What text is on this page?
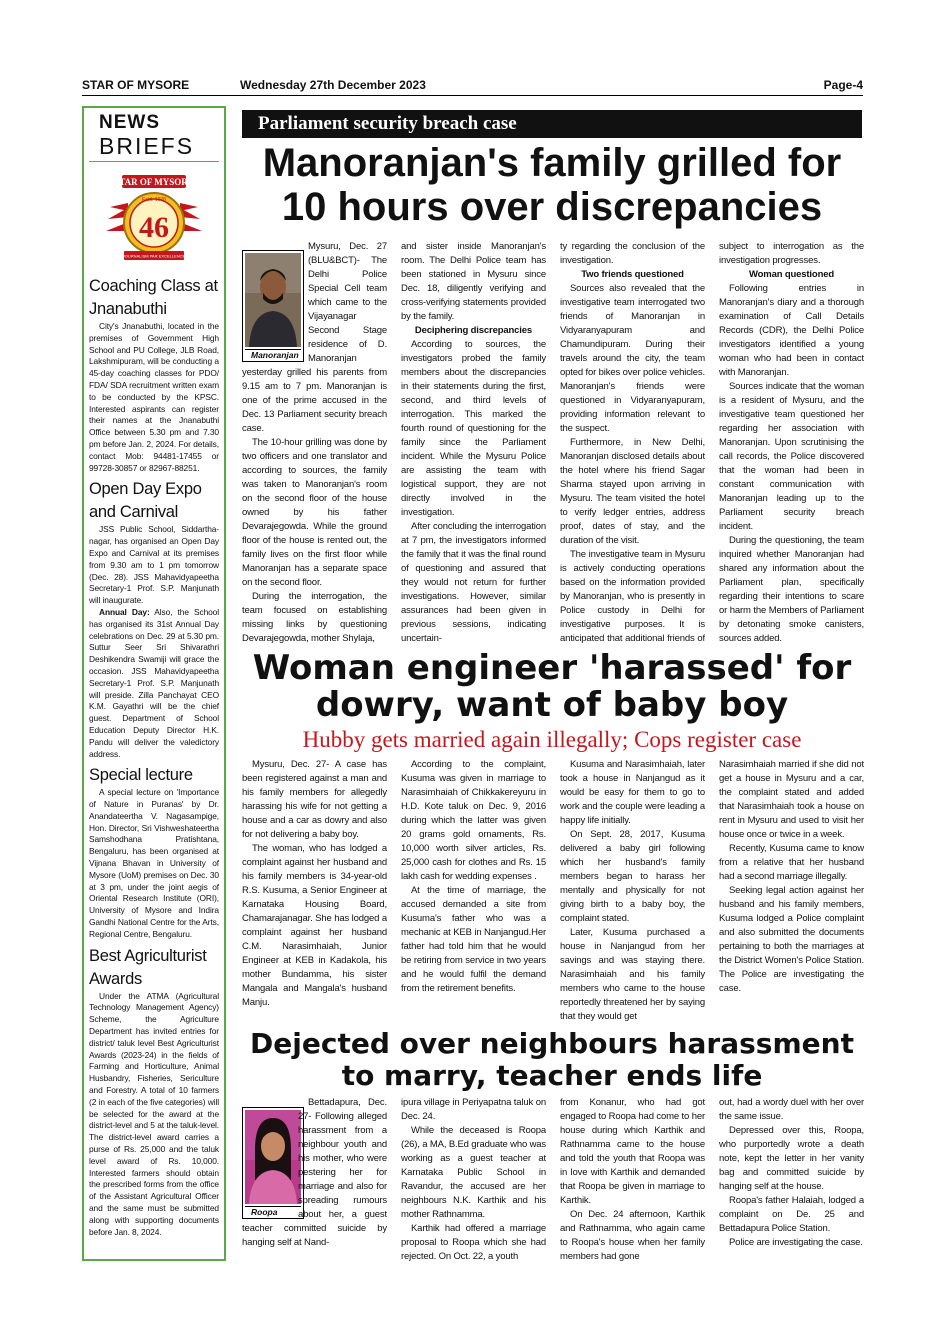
STAR OF MYSORE	Wednesday 27th December 2023	Page-4
NEWS
BRIEFS
STAR OF MYSORE
Estd. 1978
46
JOURNALISM PAR EXCELLENCE
Coaching Class at Jnanabuthi

City's Jnanabuthi, located in the premises of Government High School and PU College, JLB Road, Lakshmipuram, will be conducting a 45-day coaching classes for PDO/ FDA/ SDA recruitment written exam to be conducted by the KPSC. Interested aspirants can register their names at the Jnanabuthi Office between 5.30 pm and 7.30 pm before Jan. 2, 2024. For details, contact Mob: 94481-17455 or 99728-30857 or 82967-88251.

Open Day Expo and Carnival

JSS Public School, Siddartha-nagar, has organised an Open Day Expo and Carnival at its premises from 9.30 am to 1 pm tomorrow (Dec. 28). JSS Mahavidyapeetha Secretary-1 Prof. S.P. Manjunath will inaugurate.

Annual Day: Also, the School has organised its 31st Annual Day celebrations on Dec. 29 at 5.30 pm. Suttur Seer Sri Shivarathri Deshikendra Swamiji will grace the occasion. JSS Mahavidyapeetha Secretary-1 Prof. S.P. Manjunath will preside. Zilla Panchayat CEO K.M. Gayathri will be the chief guest. Department of School Education Deputy Director H.K. Pandu will deliver the valedictory address.

Special lecture

A special lecture on 'Importance of Nature in Puranas' by Dr. Anandateertha V. Nagasampige, Hon. Director, Sri Vishweshateertha Samshodhana Pratishtana, Bengaluru, has been organised at Vijnana Bhavan in University of Mysore (UoM) premises on Dec. 30 at 3 pm, under the joint aegis of Oriental Research Institute (ORI), University of Mysore and Indira Gandhi National Centre for the Arts, Regional Centre, Bengaluru.

Best Agriculturist Awards

Under the ATMA (Agricultural Technology Management Agency) Scheme, the Agriculture Department has invited entries for district/ taluk level Best Agriculturist Awards (2023-24) in the fields of Farming and Horticulture, Animal Husbandry, Fisheries, Sericulture and Forestry. A total of 10 farmers (2 in each of the five categories) will be selected for the award at the district-level and 5 at the taluk-level. The district-level award carries a purse of Rs. 25,000 and the taluk level award of Rs. 10,000. Interested farmers should obtain the prescribed forms from the office of the Assistant Agricultural Officer and the same must be submitted along with supporting documents before Jan. 8, 2024.

Parliament security breach case
Manoranjan's family grilled for
10 hours over discrepancies
Manoranjan

Mysuru, Dec. 27 (BLU&BCT)- The Delhi Police Special Cell team which came to the Vijayanagar Second Stage residence of D. Manoranjan yesterday grilled his parents from 9.15 am to 7 pm. Manoranjan is one of the prime accused in the Dec. 13 Parliament security breach case.

The 10-hour grilling was done by two officers and one translator and according to sources, the family was taken to Manoranjan's room on the second floor of the house owned by his father Devarajegowda. While the ground floor of the house is rented out, the family lives on the first floor while Manoranjan has a separate space on the second floor.

During the interrogation, the team focused on establishing missing links by questioning Devarajegowda, mother Shylaja,

and sister inside Manoranjan's room. The Delhi Police team has been stationed in Mysuru since Dec. 18, diligently verifying and cross-verifying statements provided by the family.

Deciphering discrepancies

According to sources, the investigators probed the family members about the discrepancies in their statements during the first, second, and third levels of interrogation. This marked the fourth round of questioning for the family since the Parliament incident. While the Mysuru Police are assisting the team with logistical support, they are not directly involved in the investigation.

After concluding the interrogation at 7 pm, the investigators informed the family that it was the final round of questioning and assured that they would not return for further investigations. However, similar assurances had been given in previous sessions, indicating uncertain-

ty regarding the conclusion of the investigation.

Two friends questioned

Sources also revealed that the investigative team interrogated two friends of Manoranjan in Vidyaranyapuram and Chamundipuram. During their travels around the city, the team opted for bikes over police vehicles. Manoranjan's friends were questioned in Vidyaranyapuram, providing information relevant to the suspect.

Furthermore, in New Delhi, Manoranjan disclosed details about the hotel where his friend Sagar Sharma stayed upon arriving in Mysuru. The team visited the hotel to verify ledger entries, address proof, dates of stay, and the duration of the visit.

The investigative team in Mysuru is actively conducting operations based on the information provided by Manoranjan, who is presently in Police custody in Delhi for investigative purposes. It is anticipated that additional friends of

subject to interrogation as the investigation progresses.

Woman questioned

Following entries in Manoranjan's diary and a thorough examination of Call Details Records (CDR), the Delhi Police investigators identified a young woman who had been in contact with Manoranjan.

Sources indicate that the woman is a resident of Mysuru, and the investigative team questioned her regarding her association with Manoranjan. Upon scrutinising the call records, the Police discovered that the woman had been in constant communication with Manoranjan leading up to the Parliament security breach incident.

During the questioning, the team inquired whether Manoranjan had shared any information about the Parliament plan, specifically regarding their intentions to scare or harm the Members of Parliament by detonating smoke canisters, sources added.

Woman engineer 'harassed' for
dowry, want of baby boy
Hubby gets married again illegally; Cops register case

Mysuru, Dec. 27- A case has been registered against a man and his family members for allegedly harassing his wife for not getting a house and a car as dowry and also for not delivering a baby boy.

The woman, who has lodged a complaint against her husband and his family members is 34-year-old R.S. Kusuma, a Senior Engineer at Karnataka Housing Board, Chamarajanagar. She has lodged a complaint against her husband C.M. Narasimhaiah, Junior Engineer at KEB in Kadakola, his mother Bundamma, his sister Mangala and Mangala's husband Manju.

According to the complaint, Kusuma was given in marriage to Narasimhaiah of Chikkakereyuru in H.D. Kote taluk on Dec. 9, 2016 during which the latter was given 20 grams gold ornaments, Rs. 10,000 worth silver articles, Rs. 25,000 cash for clothes and Rs. 15 lakh cash for wedding expenses .

At the time of marriage, the accused demanded a site from Kusuma's father who was a mechanic at KEB in Nanjangud.Her father had told him that he would be retiring from service in two years and he would fulfil the demand from the retirement benefits.

Kusuma and Narasimhaiah, later took a house in Nanjangud as it would be easy for them to go to work and the couple were leading a happy life initially.

On Sept. 28, 2017, Kusuma delivered a baby girl following which her husband's family members began to harass her mentally and physically for not giving birth to a baby boy, the complaint stated.

Later, Kusuma purchased a house in Nanjangud from her savings and was staying there. Narasimhaiah and his family members who came to the house reportedly threatened her by saying that they would get

Narasimhaiah married if she did not get a house in Mysuru and a car, the complaint stated and added that Narasimhaiah took a house on rent in Mysuru and used to visit her house once or twice in a week.

Recently, Kusuma came to know from a relative that her husband had a second marriage illegally.

Seeking legal action against her husband and his family members, Kusuma lodged a Police complaint and also submitted the documents pertaining to both the marriages at the District Women's Police Station. The Police are investigating the case.

Dejected over neighbours harassment
to marry, teacher ends life
Roopa

Bettadapura, Dec. 27- Following alleged harassment from a neighbour youth and his mother, who were pestering her for marriage and also for spreading rumours about her, a guest teacher committed suicide by hanging self at Nand-

ipura village in Periyapatna taluk on Dec. 24.

While the deceased is Roopa (26), a MA, B.Ed graduate who was working as a guest teacher at Karnataka Public School in Ravandur, the accused are her neighbours N.K. Karthik and his mother Rathnamma.

Karthik had offered a marriage proposal to Roopa which she had rejected. On Oct. 22, a youth

from Konanur, who had got engaged to Roopa had come to her house during which Karthik and Rathnamma came to the house and told the youth that Roopa was in love with Karthik and demanded that Roopa be given in marriage to Karthik.

On Dec. 24 afternoon, Karthik and Rathnamma, who again came to Roopa's house when her family members had gone

out, had a wordy duel with her over the same issue.

Depressed over this, Roopa, who purportedly wrote a death note, kept the letter in her vanity bag and committed suicide by hanging self at the house.

Roopa's father Halaiah, lodged a complaint on De. 25 and Bettadapura Police Station.

Police are investigating the case.
